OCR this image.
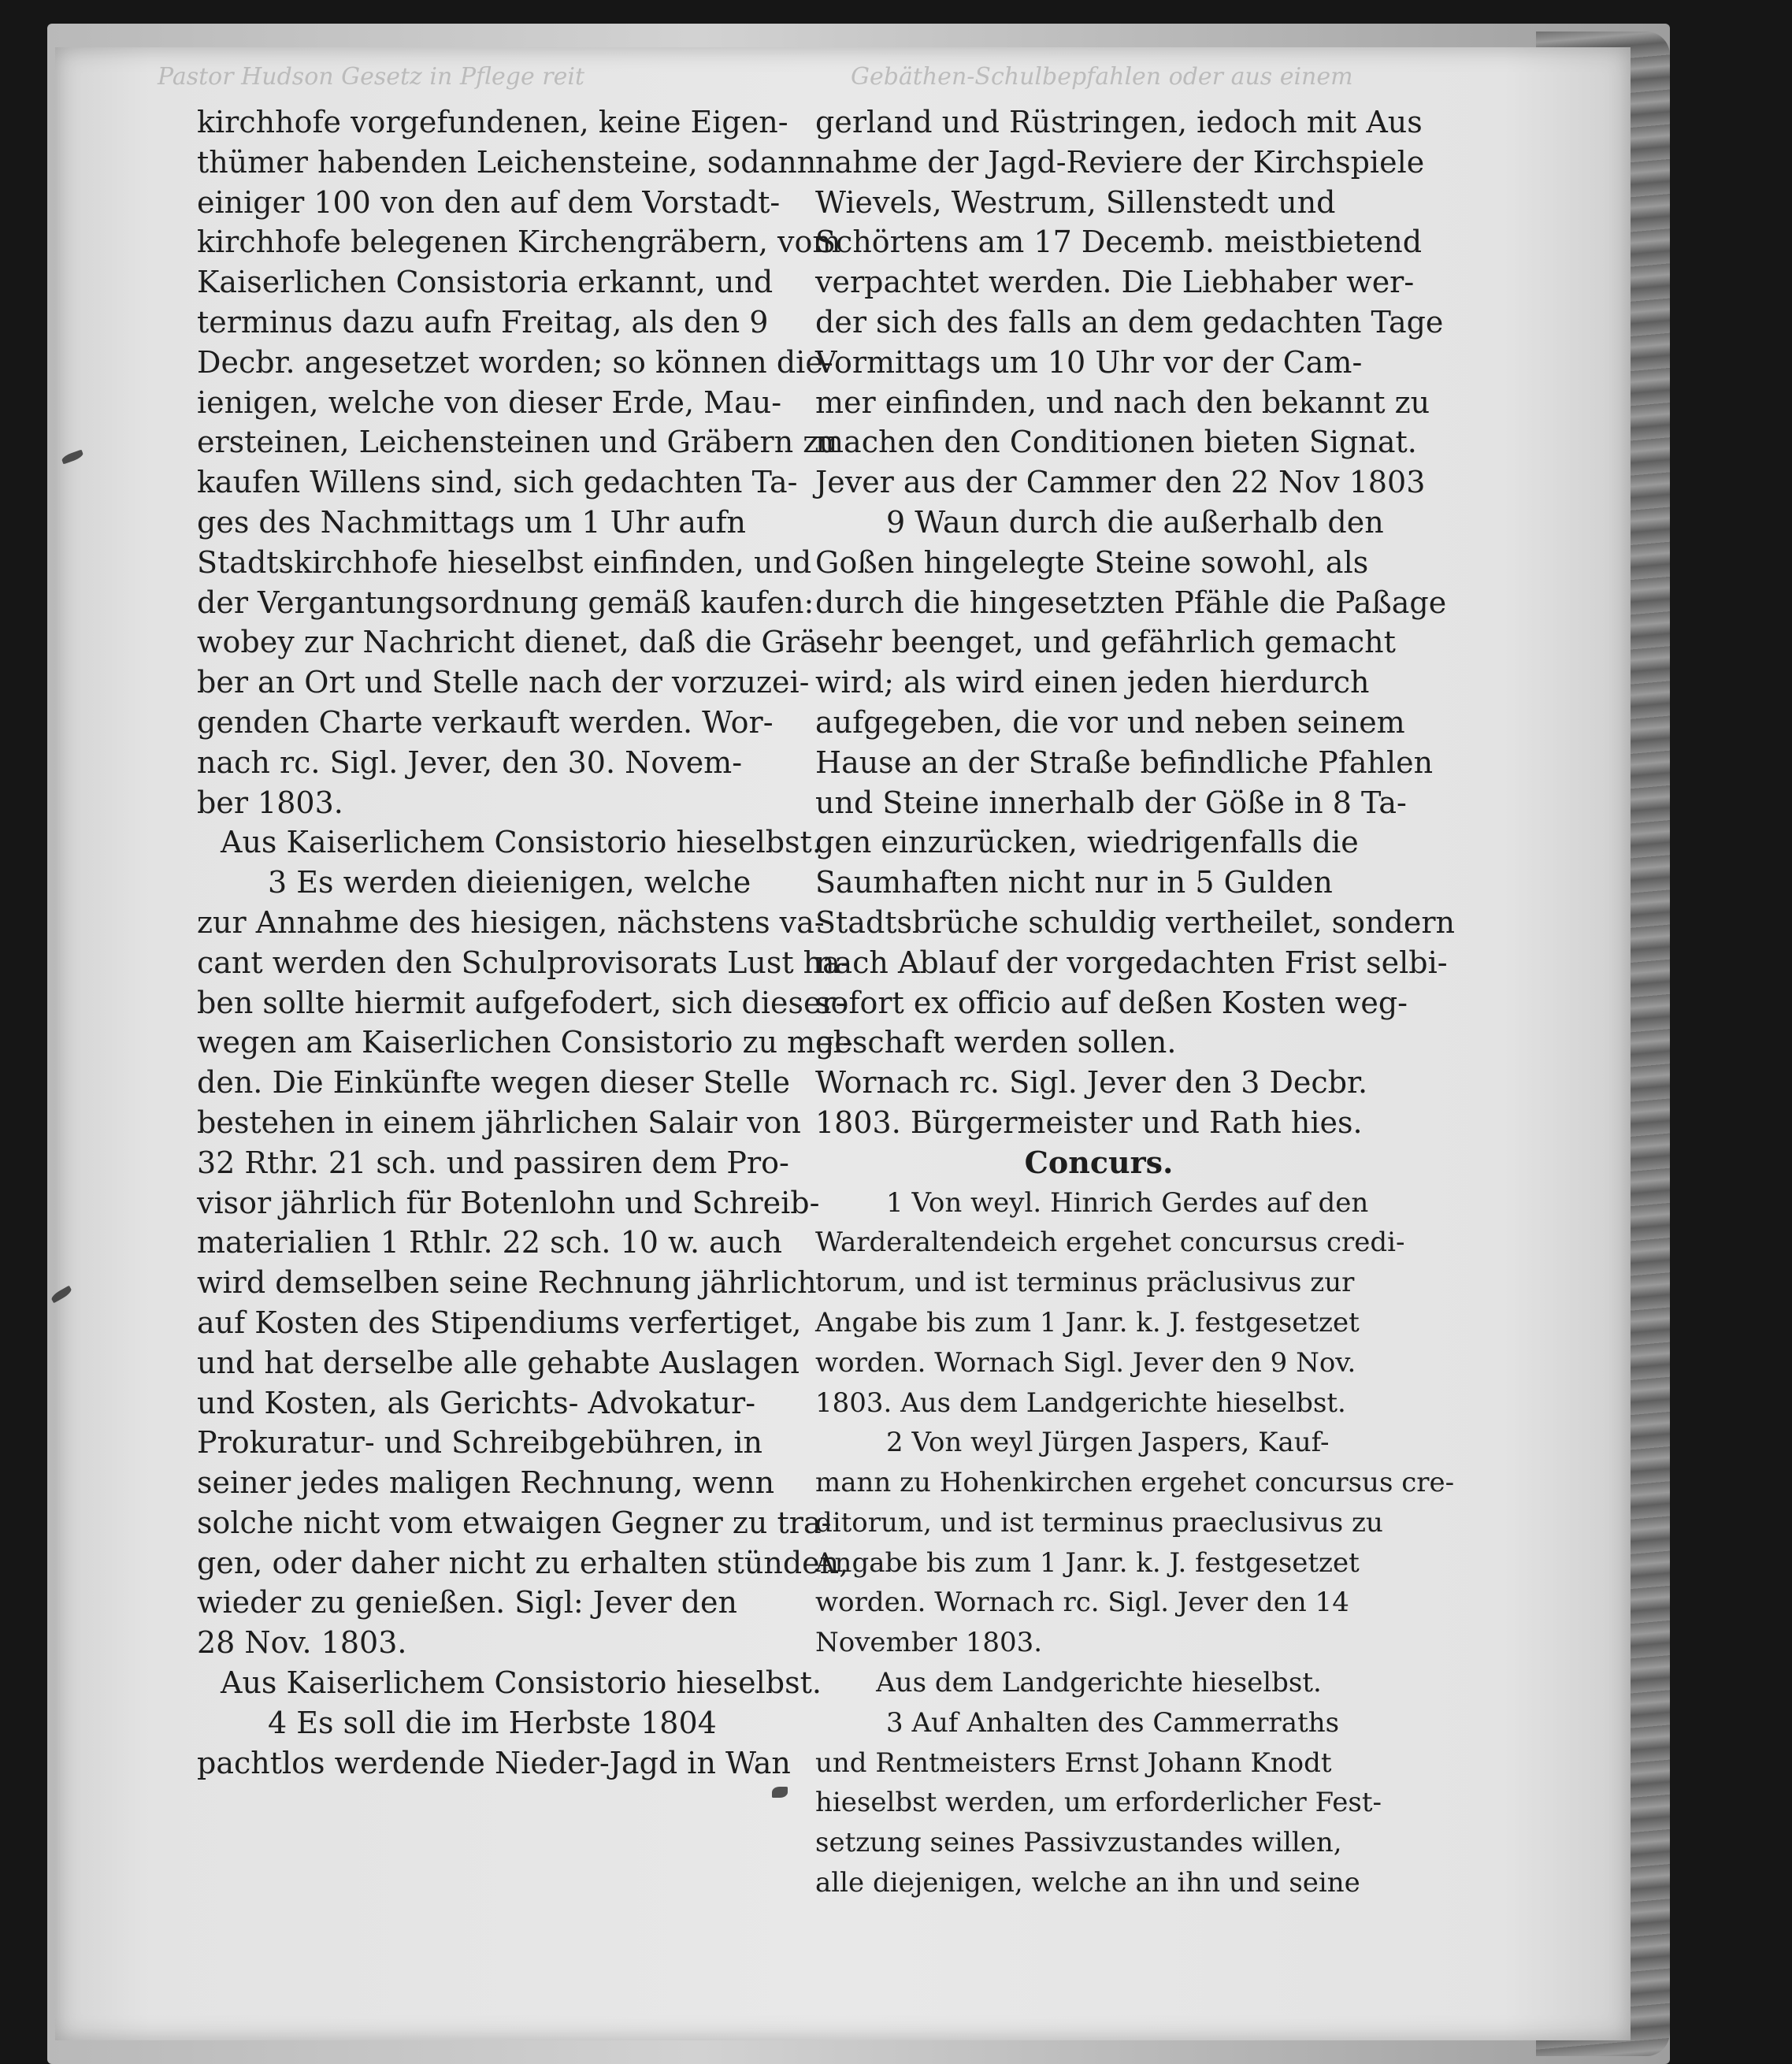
Pastor Hudson Gesetz in Pflege reit	Gebäthen-Schulbepfahlen oder aus einem
kirchhofe vorgefundenen, keine Eigen-
thümer habenden Leichensteine, sodann
einiger 100 von den auf dem Vorstadt-
kirchhofe belegenen Kirchengräbern, vom
Kaiserlichen Consistoria erkannt, und
terminus dazu aufn Freitag, als den 9
Decbr. angesetzet worden; so können die-
ienigen, welche von dieser Erde, Mau-
ersteinen, Leichensteinen und Gräbern zu
kaufen Willens sind, sich gedachten Ta-
ges des Nachmittags um 1 Uhr aufn
Stadtskirchhofe hieselbst einfinden, und
der Vergantungsordnung gemäß kaufen:
wobey zur Nachricht dienet, daß die Grä-
ber an Ort und Stelle nach der vorzuzei-
genden Charte verkauft werden. Wor-
nach rc. Sigl. Jever, den 30. Novem-
ber 1803.
Aus Kaiserlichem Consistorio hieselbst.
3 Es werden dieienigen, welche
zur Annahme des hiesigen, nächstens va-
cant werden den Schulprovisorats Lust ha-
ben sollte hiermit aufgefodert, sich dieser-
wegen am Kaiserlichen Consistorio zu mel-
den. Die Einkünfte wegen dieser Stelle
bestehen in einem jährlichen Salair von
32 Rthr. 21 sch. und passiren dem Pro-
visor jährlich für Botenlohn und Schreib-
materialien 1 Rthlr. 22 sch. 10 w. auch
wird demselben seine Rechnung jährlich
auf Kosten des Stipendiums verfertiget,
und hat derselbe alle gehabte Auslagen
und Kosten, als Gerichts- Advokatur-
Prokuratur- und Schreibgebühren, in
seiner jedes maligen Rechnung, wenn
solche nicht vom etwaigen Gegner zu tra-
gen, oder daher nicht zu erhalten stünden,
wieder zu genießen. Sigl: Jever den
28 Nov. 1803.
Aus Kaiserlichem Consistorio hieselbst.
4 Es soll die im Herbste 1804
pachtlos werdende Nieder-Jagd in Wan
gerland und Rüstringen, iedoch mit Aus
nahme der Jagd-Reviere der Kirchspiele
Wievels, Westrum, Sillenstedt und
Schörtens am 17 Decemb. meistbietend
verpachtet werden. Die Liebhaber wer-
der sich des falls an dem gedachten Tage
Vormittags um 10 Uhr vor der Cam-
mer einfinden, und nach den bekannt zu
machen den Conditionen bieten Signat.
Jever aus der Cammer den 22 Nov 1803
9 Waun durch die außerhalb den
Goßen hingelegte Steine sowohl, als
durch die hingesetzten Pfähle die Paßage
sehr beenget, und gefährlich gemacht
wird; als wird einen jeden hierdurch
aufgegeben, die vor und neben seinem
Hause an der Straße befindliche Pfahlen
und Steine innerhalb der Göße in 8 Ta-
gen einzurücken, wiedrigenfalls die
Saumhaften nicht nur in 5 Gulden
Stadtsbrüche schuldig vertheilet, sondern
nach Ablauf der vorgedachten Frist selbi-
sofort ex officio auf deßen Kosten weg-
geschaft werden sollen.
Wornach rc. Sigl. Jever den 3 Decbr.
1803. Bürgermeister und Rath hies.
Concurs.
1 Von weyl. Hinrich Gerdes auf den
Warderaltendeich ergehet concursus credi-
torum, und ist terminus präclusivus zur
Angabe bis zum 1 Janr. k. J. festgesetzet
worden. Wornach Sigl. Jever den 9 Nov.
1803. Aus dem Landgerichte hieselbst.
2 Von weyl Jürgen Jaspers, Kauf-
mann zu Hohenkirchen ergehet concursus cre-
ditorum, und ist terminus praeclusivus zu
Angabe bis zum 1 Janr. k. J. festgesetzet
worden. Wornach rc. Sigl. Jever den 14
November 1803.
Aus dem Landgerichte hieselbst.
3 Auf Anhalten des Cammerraths
und Rentmeisters Ernst Johann Knodt
hieselbst werden, um erforderlicher Fest-
setzung seines Passivzustandes willen,
alle diejenigen, welche an ihn und seine
